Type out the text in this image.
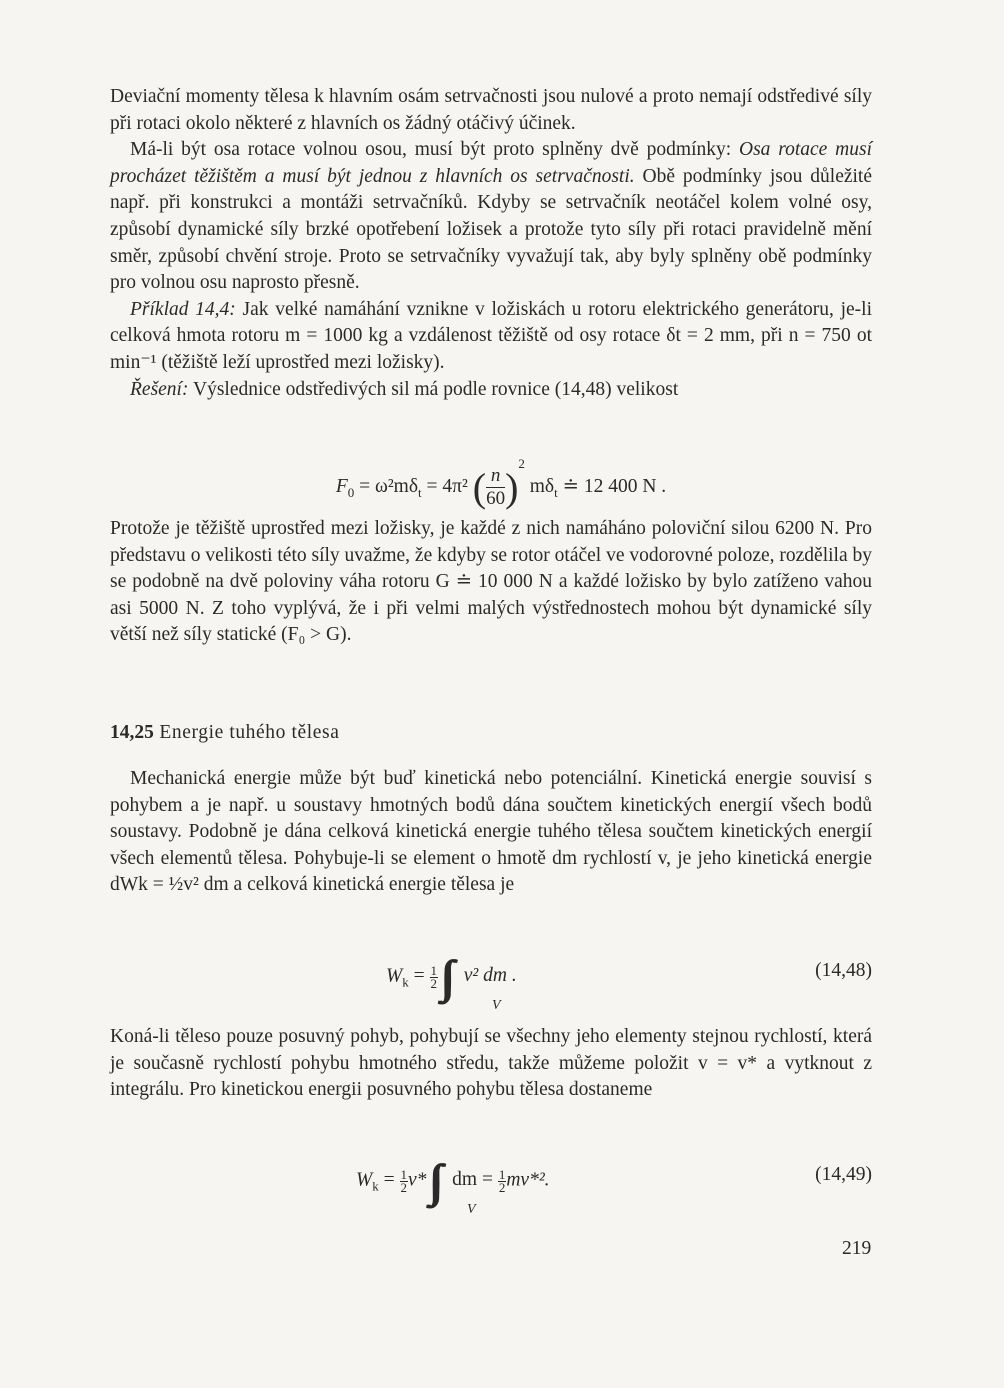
Deviační momenty tělesa k hlavním osám setrvačnosti jsou nulové a proto nemají odstředivé síly při rotaci okolo některé z hlavních os žádný otáčivý účinek.

Má-li být osa rotace volnou osou, musí být proto splněny dvě podmínky: Osa rotace musí procházet těžištěm a musí být jednou z hlavních os setrvačnosti. Obě podmínky jsou důležité např. při konstrukci a montáži setrvačníků. Kdyby se setrvačník neotáčel kolem volné osy, způsobí dynamické síly brzké opotřebení ložisek a protože tyto síly při rotaci pravidelně mění směr, způsobí chvění stroje. Proto se setrvačníky vyvažují tak, aby byly splněny obě podmínky pro volnou osu naprosto přesně.

Příklad 14,4: Jak velké namáhání vznikne v ložiskách u rotoru elektrického generátoru, je-li celková hmota rotoru m = 1000 kg a vzdálenost těžiště od osy rotace δt = 2 mm, při n = 750 ot min⁻¹ (těžiště leží uprostřed mezi ložisky).

Řešení: Výslednice odstředivých sil má podle rovnice (14,48) velikost

$F_0 = \omega^2m\delta_t = 4\pi^2$ ( $\frac{n}{60} )^2$ $m\delta_t$ ≐ 12 400 N .

Protože je těžiště uprostřed mezi ložisky, je každé z nich namáháno poloviční silou 6200 N. Pro představu o velikosti této síly uvažme, že kdyby se rotor otáčel ve vodorovné poloze, rozdělila by se podobně na dvě poloviny váha rotoru G ≐ 10 000 N a každé ložisko by bylo zatíženo vahou asi 5000 N. Z toho vyplývá, že i při velmi malých výstřednostech mohou být dynamické síly větší než síly statické (F₀ > G).

14,25 Energie tuhého tělesa

Mechanická energie může být buď kinetická nebo potenciální. Kinetická energie souvisí s pohybem a je např. u soustavy hmotných bodů dána součtem kinetických energií všech bodů soustavy. Podobně je dána celková kinetická energie tuhého tělesa součtem kinetických energií všech elementů tělesa. Pohybuje-li se element o hmotě dm rychlostí v, je jeho kinetická energie dWk = ½v² dm a celková kinetická energie tělesa je

$W_k = \frac{1}{2} v^2$ dm .
V
(14,48)

Koná-li těleso pouze posuvný pohyb, pohybují se všechny jeho elementy stejnou rychlostí, která je současně rychlostí pohybu hmotného středu, takže můžeme položit v = v* a vytknout z integrálu. Pro kinetickou energii posuvného pohybu tělesa dostaneme

$W_k = \frac{1}{2} v*$ dm = $\frac{1}{2} mv*^2$.
V
(14,49)
219
